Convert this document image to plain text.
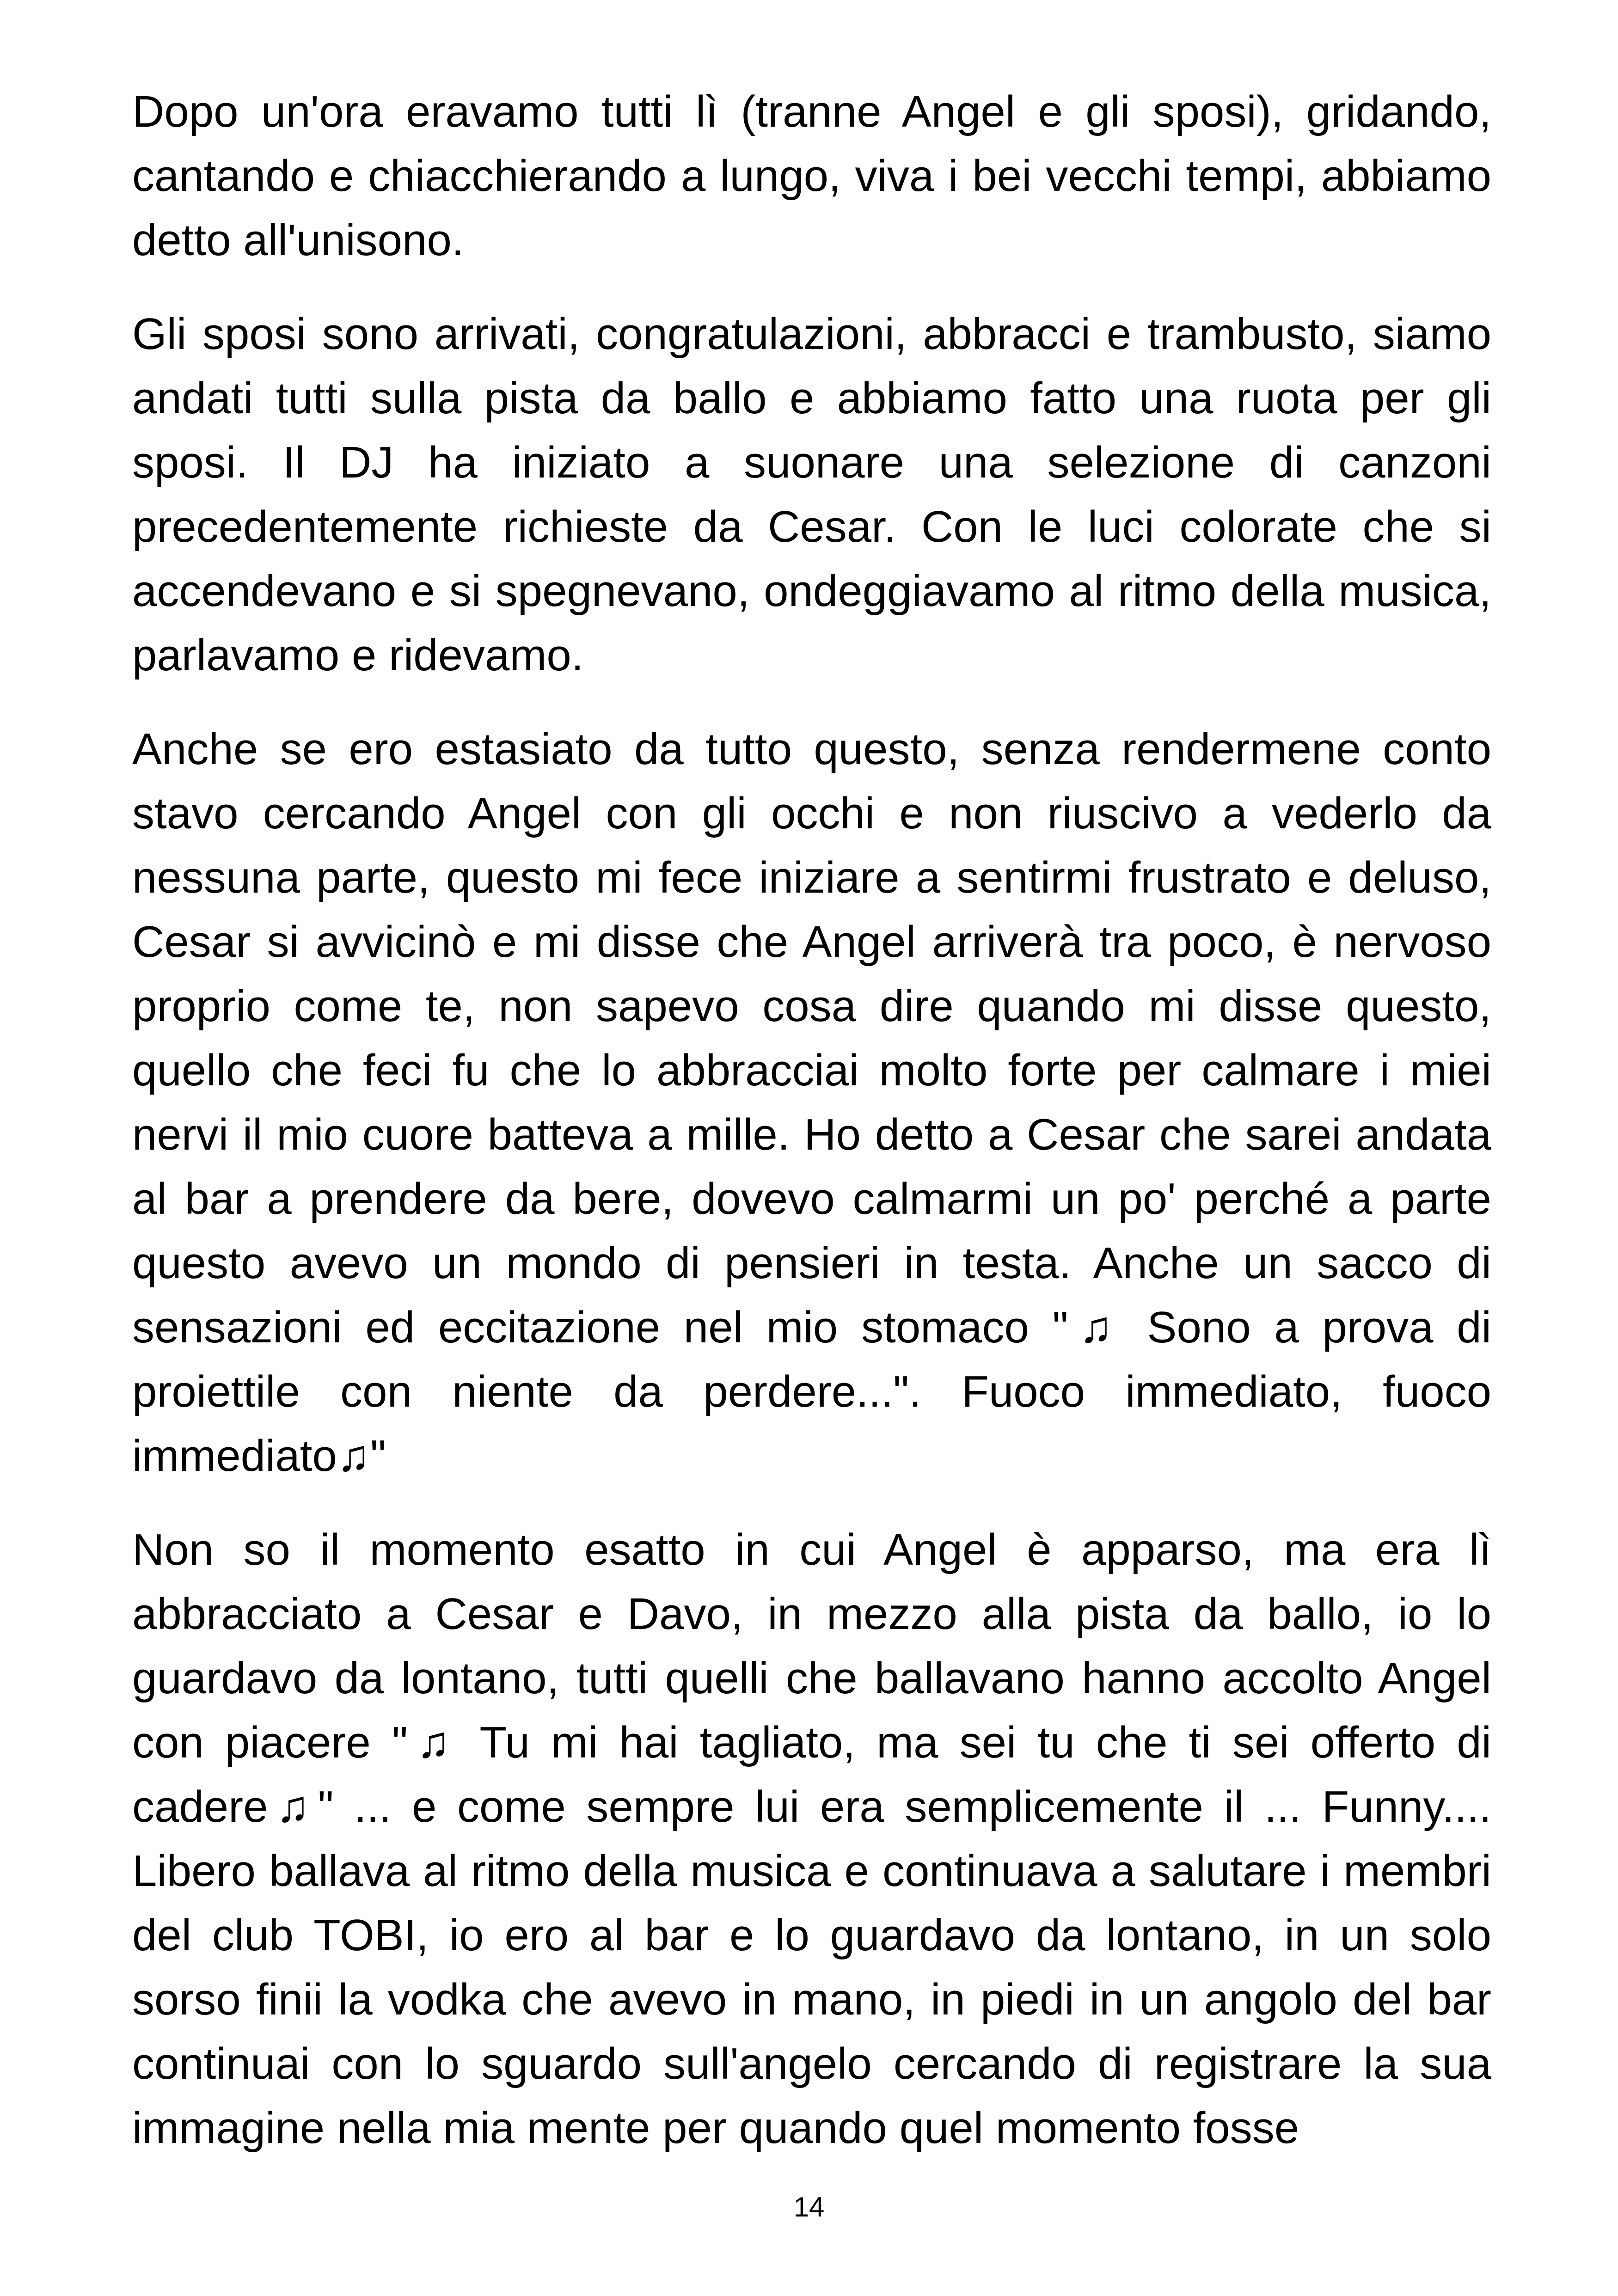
Dopo un'ora eravamo tutti lì (tranne Angel e gli sposi), gridando, cantando e chiacchierando a lungo, viva i bei vecchi tempi, abbiamo detto all'unisono.

Gli sposi sono arrivati, congratulazioni, abbracci e trambusto, siamo andati tutti sulla pista da ballo e abbiamo fatto una ruota per gli sposi. Il DJ ha iniziato a suonare una selezione di canzoni precedentemente richieste da Cesar. Con le luci colorate che si accendevano e si spegnevano, ondeggiavamo al ritmo della musica, parlavamo e ridevamo.

Anche se ero estasiato da tutto questo, senza rendermene conto stavo cercando Angel con gli occhi e non riuscivo a vederlo da nessuna parte, questo mi fece iniziare a sentirmi frustrato e deluso, Cesar si avvicinò e mi disse che Angel arriverà tra poco, è nervoso proprio come te, non sapevo cosa dire quando mi disse questo, quello che feci fu che lo abbracciai molto forte per calmare i miei nervi il mio cuore batteva a mille. Ho detto a Cesar che sarei andata al bar a prendere da bere, dovevo calmarmi un po' perché a parte questo avevo un mondo di pensieri in testa. Anche un sacco di sensazioni ed eccitazione nel mio stomaco "♫ Sono a prova di proiettile con niente da perdere...". Fuoco immediato, fuoco immediato♫"

Non so il momento esatto in cui Angel è apparso, ma era lì abbracciato a Cesar e Davo, in mezzo alla pista da ballo, io lo guardavo da lontano, tutti quelli che ballavano hanno accolto Angel con piacere "♫ Tu mi hai tagliato, ma sei tu che ti sei offerto di cadere♫" ... e come sempre lui era semplicemente il ... Funny.... Libero ballava al ritmo della musica e continuava a salutare i membri del club TOBI, io ero al bar e lo guardavo da lontano, in un solo sorso finii la vodka che avevo in mano, in piedi in un angolo del bar continuai con lo sguardo sull'angelo cercando di registrare la sua immagine nella mia mente per quando quel momento fosse

14
